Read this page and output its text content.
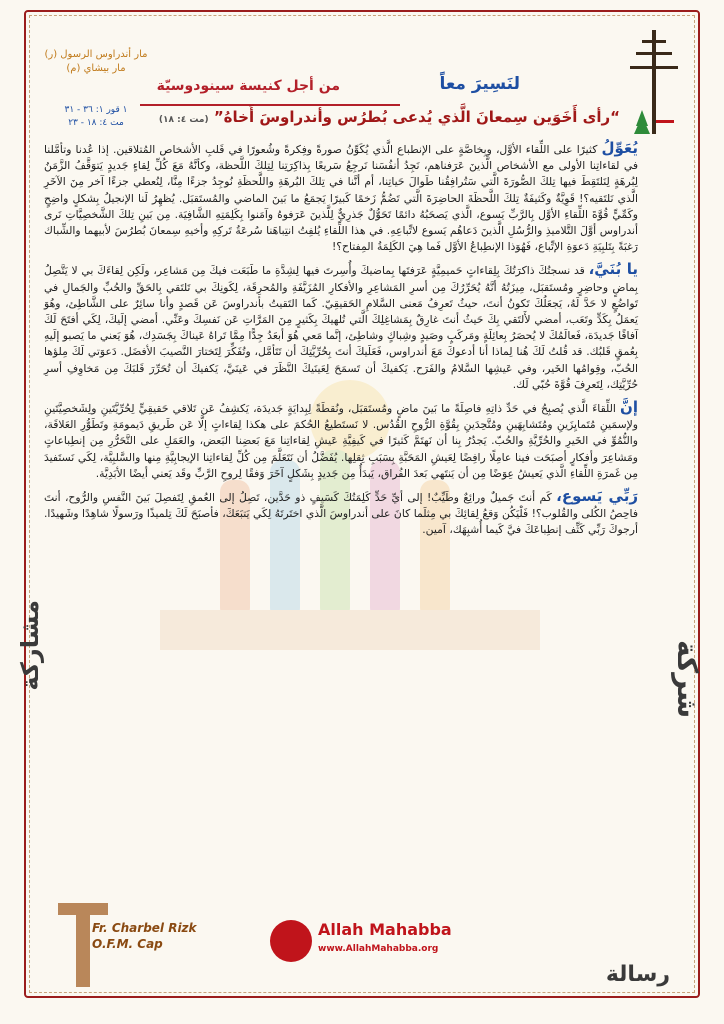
مار أندراوس الرسول (ر)
مار بيشاي (م)
لنَسِيرَ معاً
من أجل كنيسة سينودوسيّة
١ قور ١: ٣٦ - ٣١
مت ٤: ١٨ - ٢٣	“رأى أَخَوَين سِمعانَ الَّذي يُدعى بُطرُس وأندراوسَ أَخاهُ” (مت ٤: ١٨)
شركة
مشاركة
رسالة

يُعَوِّلُ كثيرًا على اللِّقاء الأوَّل، وبِخاصَّةٍ على الإنطباع الَّذي يُكَوِّنُ صورةً وفِكرةً وشُعورًا في قَلبِ الأشخاص المُتلاقين. إذا عُدنا وتأمَّلنا في لقاءاتِنا الأولى مع الأشخاص الَّذينَ عَرَفناهم، نَجِدُ أنفُسَنا نَرجِعُ سَريعًا بِذاكِرَتِنا لِتِلكَ اللَّحظة، وكأنَّهُ مَعَ كُلِّ لِقاءٍ جَديدٍ يَتوَقَّفُ الزَّمَنُ لِبُرهَةٍ لِنَلتَقِطَ فيها تِلكَ الصُّورَةَ الَّتي سَتُرافِقُنا طَوالَ حَياتِنا، أم أنَّنا في تِلكَ البُرهَةِ واللَّحظَةِ نُوجِدُ جزءًا مِنَّا، لِنُعطي جزءًا آخر مِنَ الآخَرِ الَّذي نَلتَقيه؟! قَوِيَّةٌ وكَثيفَةٌ تِلكَ اللَّحظَةَ الحاضِرَةَ الَّتي تَضُمُّ زَخمًا كَبيرًا يَجمَعُ ما بَينَ الماضي والمُستَقبَل. يُظهِرُ لَنا الإنجيلُ بِشكلٍ واضِحٍ وكَمِّيٍّ قُوَّةَ اللِّقاءِ الأوَّل بِالرَّبِّ يَسوع، الَّذي يَصحَبُهُ دائمًا تَحَوُّلٌ جَذرِيٌّ لِلَّذينَ عَرَفوهُ وآمَنوا بِكَلِمَتِهِ الشَّافِيَة. مِن بَينِ تِلكَ الشَّخصِيَّاتِ نَرى أندراوس أوَّلَ التَّلاميذِ والرُّسُلِ الَّذينَ دَعاهُم يَسوع لاتِّباعِهِ. في هذا اللِّقاءِ يُلفِتُ انتِباهَنا سُرعَةُ تَركِهِ وأخيهِ سِمعانَ بُطرُسَ لأبيهما والشِّباك رَغبَةً بِتَلبِيَةِ دَعوَةِ الإتِّباع، فَهُوَذا الإنطِباعُ الأوَّل فَما هِيَ الكَلِمَةُ المِفتاح؟!

يا بُنَيَّ، قد نسجتُكَ ذاكرَتُكَ بِلِقاءاتٍ حَميمِيَّةٍ عَرَفتَها بِماضيكَ وأُسِرتَ فيها لِشِدَّةِ ما طَبَعَت فيكَ مِن مَشاعِر، ولَكِن لِقاءَكَ بي لا يَتَّصِلُ بِماضٍ وحاضِرٍ ومُستَقبَل، مِيزَتُهُ أنَّهُ يُحَرِّرُكَ مِن أسرِ المَشاعِرِ والأفكارِ المُزَيَّفَةِ والمُحرِقَة، لِكَونِكَ بي تَلتَقي بِالحَقِّ والحُبِّ والجَمالِ في تَواضُعٍ لا حَدَّ لَهُ، يَجعَلُكَ تَكونُ أنتَ، حيثُ تَعرِفُ مَعنى السَّلامِ الحَقيقِيّ. كَما التَقيتُ بأندراوسَ عَن قَصدٍ وأنا سائِرٌ على الشَّاطِئ، وهُوَ يَعمَلُ بِكَدٍّ وتَعَب، أمضي لأَلتَقي بِكَ حَيثُ أنتَ غارِقٌ بِمَشاغِلِكَ الَّتي تُلهيكَ بِكَثيرٍ مِنَ المَرَّاتِ عَن نَفسِكَ وعَنِّي. أمضي إلَيكَ، لِكَي أفتَحَ لَكَ آفاقًا جَديدَة، فَعالَمُكَ لا يُحصَرُ بِعائِلَةٍ ومَركَبٍ وصَيدٍ وشِباكٍ وشاطِئ، إنَّما مَعي هُوَ أبعَدُ جِدًّا مِمَّا تَراهُ عَيناكَ بِجَسَدِك، هُوَ يَعني ما يَصبو إلَيهِ بِعُمقٍ قَلبُك. قد قُلتُ لَكَ هُنا لِماذا أنا أدعوكَ مَعَ أندراوس، فَعَلَيكَ أنتَ بِحُرِّيَّتِكَ أن تَتَأمَّل، وتُفَكِّرَ لِتَختارَ النَّصيبَ الأفضَل. دَعوَتي لَكَ مِلؤها الحُبّ، وقِوامُها الخَير، وفي عَيشِها السَّلامُ والفَرَح. يَكفيكَ أن تَسمَحَ لِعَينَيكَ النَّظَرَ في عَينَيَّ، يَكفيكَ أن تُحَرِّرَ قَلبَكَ مِن مَخاوِفِ أسرِ حُرِّيَّتِك، لِتَعرِفَ قُوَّةَ حُبّي لَك.

إنَّ اللِّقاءَ الَّذي يُصبِحُ في حَدِّ ذاتِهِ فاصِلَةً ما بَينَ ماضٍ ومُستَقبَل، ونُقطَةً لِبِدايَةٍ جَديدَة، يَكشِفُ عَن تَلاقي حَقيقِيٍّ لِحُرِّيَّتَينِ ولِشَخصِيَّتَينِ ولإسمَينِ مُتَمايِزَينِ ومُتَشابِهَينِ ومُتَّحِدَينِ بِقُوَّةِ الرُّوحِ القُدُس. لا نَستَطيعُ الحُكمَ على هكذا لِقاءاتٍ إلَّا عَن طَريقِ دَيمومَةِ وتَطَوُّرِ العَلاقَة، والنُّمُوِّ في الخَيرِ والحُرِّيَّةِ والحُبّ. يَجدُرُ بِنا أن نَهتَمَّ كَثيرًا في كَيفِيَّةِ عَيشِ لِقاءاتِنا مَعَ بَعضِنا البَعض، والعَمَلِ على التَّحَرُّرِ مِن إنطِباعاتٍ ومَشاعِرَ وأفكارٍ أصبَحَت فينا عامِلًا رافِضًا لِعَيشِ المَحَبَّةِ بِسَبَبِ ثِقلِها. يُفَضَّلُ أن نَتَعَلَّمَ مِن كُلِّ لِقاءاتِنا الإيجابِيَّةِ مِنها والسَّلبِيَّة، لِكَي نَستَفيدَ مِن غَمرَةِ اللِّقاءِ الَّذي يَعيشُ عِوَضًا مِن أن يَنتَهي بَعدَ الفُراق، يَبدَأُ مِن جَديدٍ بِشَكلٍ آخَرَ وَفقًا لِروحِ الرَّبِّ وقَد يَعني أيضًا الأبَدِيَّة.

رَبِّي يَسوع، كَم أنتَ جَميلٌ ورائِعٌ وطَيِّبٌ! إلى أيِّ حَدٍّ كَلِمَتُكَ كَسَيفٍ ذو حَدَّين، تَصِلُ إلى العُمقِ لِتَفصِلَ بَينَ النَّفسِ والرُّوح، أنتَ فاحِصُ الكُلى والقُلوب؟! فَلْيَكُن وَقعُ لِقائِكَ بي مِثلَما كانَ على أندراوسَ الَّذي اختَرتَهُ لِكَي يَتبَعَكَ، فأصبَحَ لَكَ تِلميذًا ورَسولًا شاهِدًا وشَهيدًا. أرجوكَ رَبِّي كَثِّف إنطِباعَكَ فيَّ كَيما أُشبِهَك، آمين.

Fr. Charbel Rizk
O.F.M. Cap
Allah Mahabba
www.AllahMahabba.org
